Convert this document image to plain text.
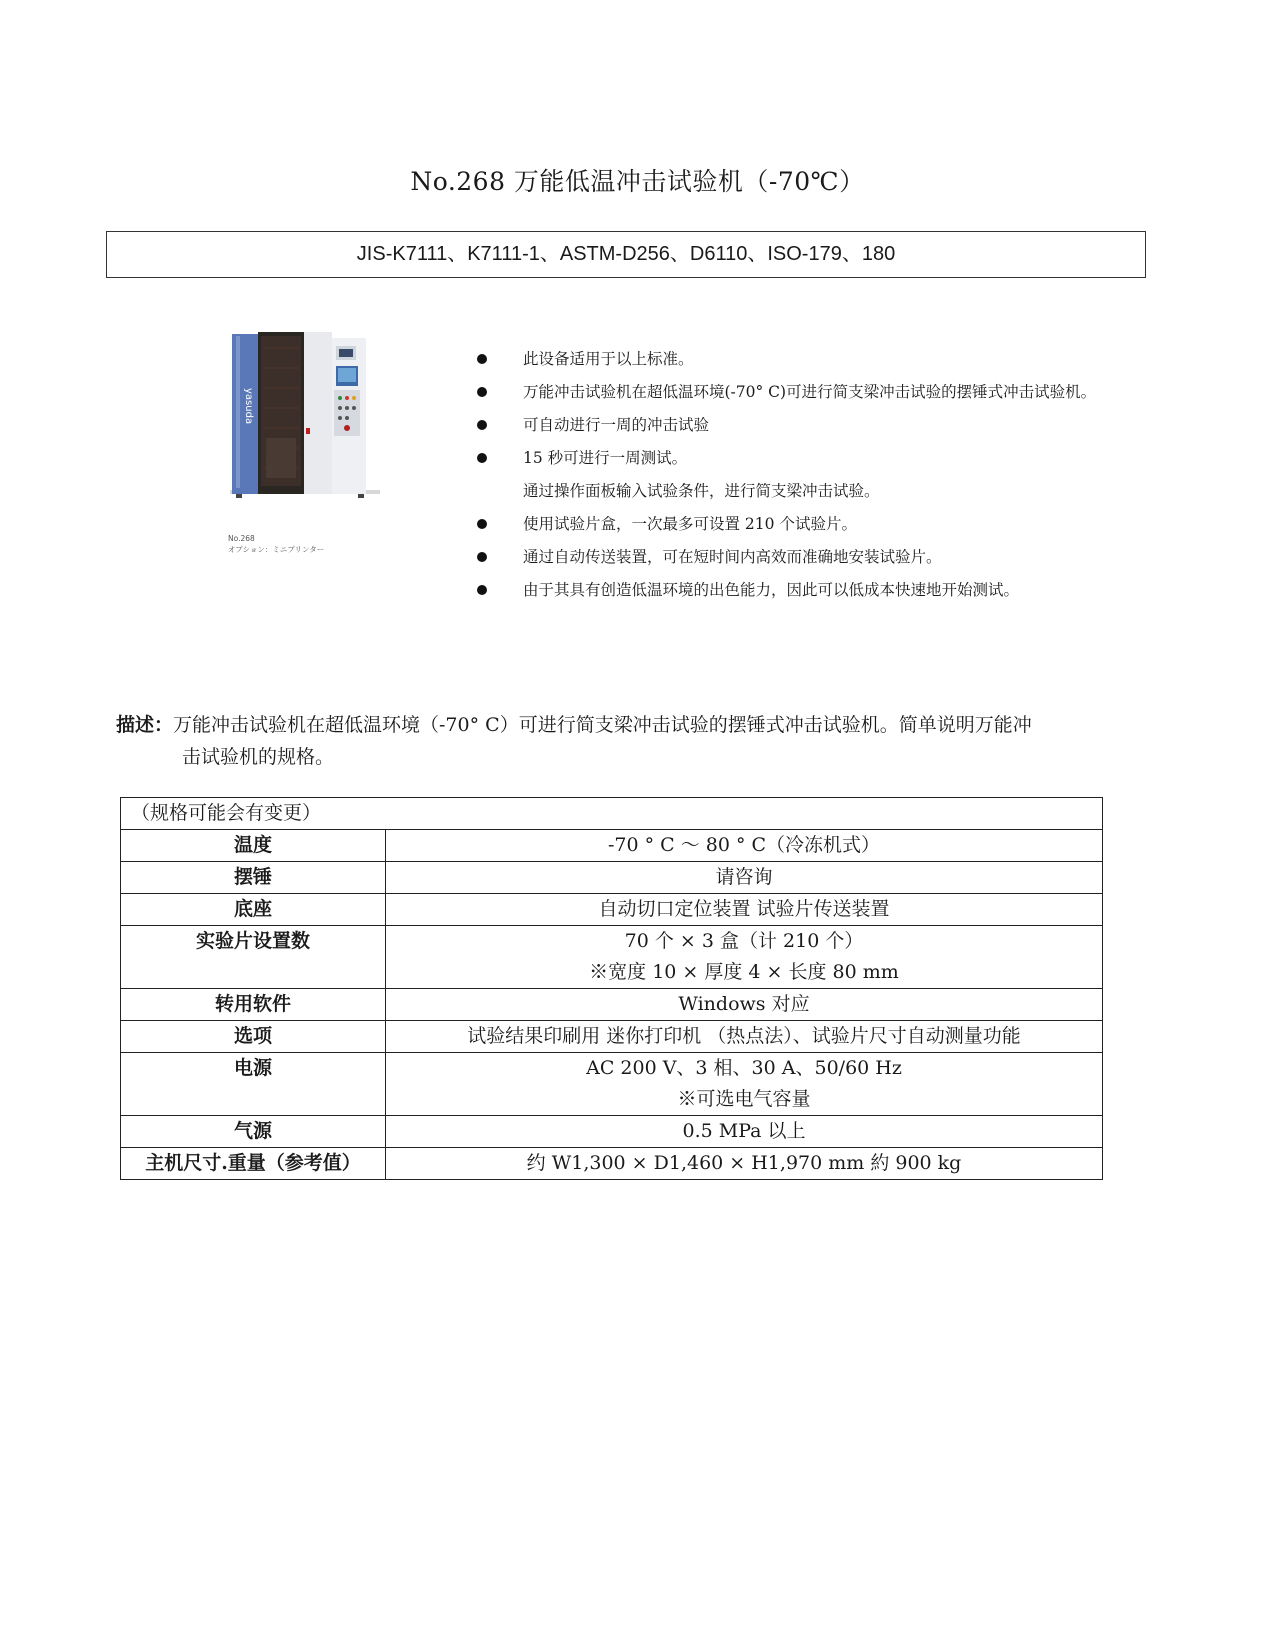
No.268 万能低温冲击试验机（-70℃）
JIS-K7111、K7111-1、ASTM-D256、D6110、ISO-179、180
yasuda
No.268
オプション：ミニプリンター
此设备适用于以上标准。
万能冲击试验机在超低温环境(-70° C)可进行简支梁冲击试验的摆锤式冲击试验机。
可自动进行一周的冲击试验
15 秒可进行一周测试。
通过操作面板输入试验条件，进行简支梁冲击试验。
使用试验片盒，一次最多可设置 210 个试验片。
通过自动传送装置，可在短时间内高效而准确地安装试验片。
由于其具有创造低温环境的出色能力，因此可以低成本快速地开始测试。
描述：万能冲击试验机在超低温环境（-70° C）可进行简支梁冲击试验的摆锤式冲击试验机。简单说明万能冲
击试验机的规格。
（规格可能会有变更）	
温度	-70 ° C ～ 80 ° C（冷冻机式）
摆锤	请咨询
底座	自动切口定位装置 试验片传送装置
实验片设置数	70 个 × 3 盒（计 210 个）
※宽度 10 × 厚度 4 × 长度 80 mm

转用软件	Windows 对应
选项	试验结果印刷用 迷你打印机 （热点法）、试验片尺寸自动测量功能
电源	AC 200 V、3 相、30 A、50/60 Hz
※可选电气容量

气源	0.5 MPa 以上
主机尺寸.重量（参考值）	约 W1,300 × D1,460 × H1,970 mm 約 900 kg
